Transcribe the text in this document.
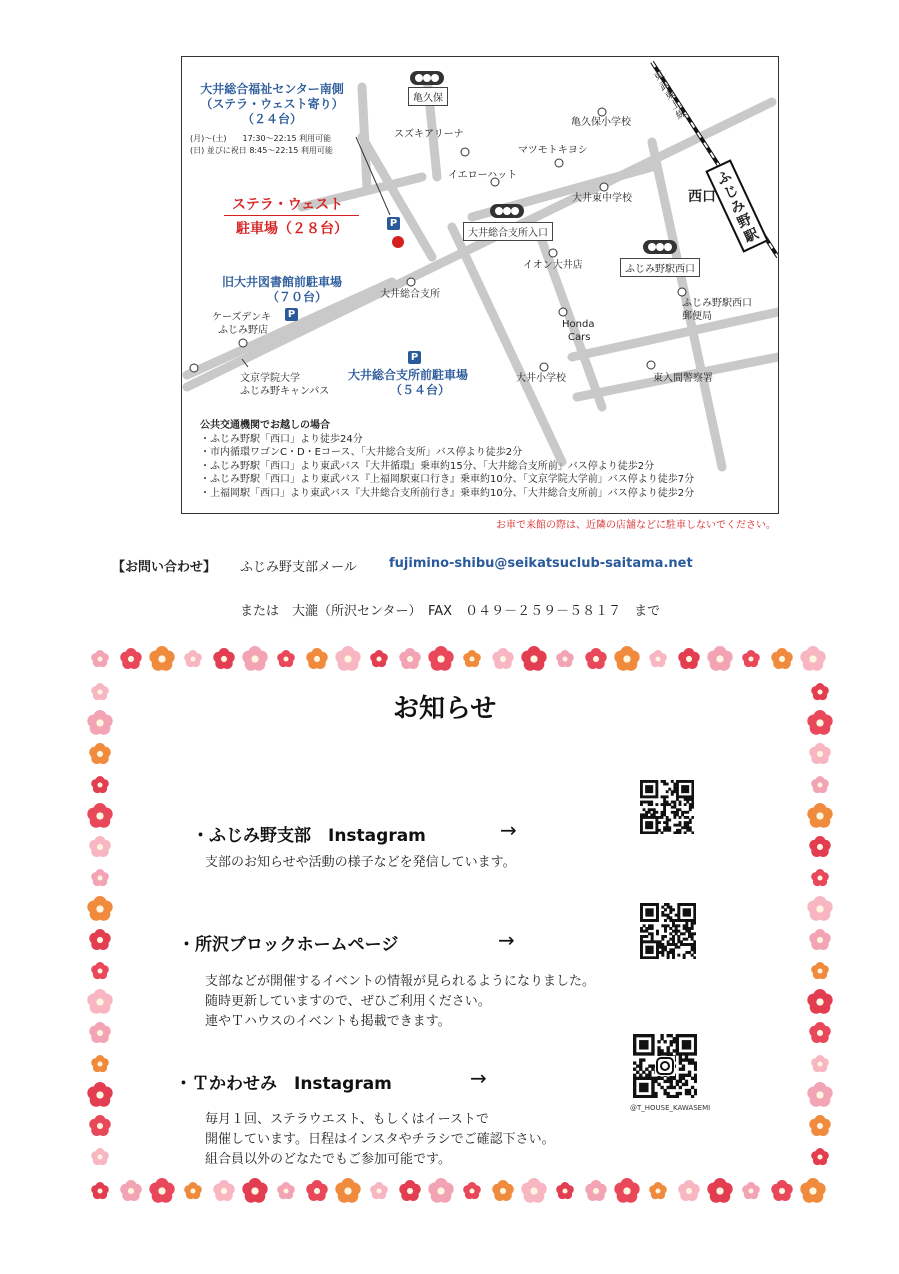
大井総合福祉センター南側
（ステラ・ウェスト寄り）
（２４台）
(月)～(土)　　17:30～22:15 利用可能
(日) 並びに祝日 8:45～22:15 利用可能
ステラ・ウェスト
駐車場（２８台）	P
旧大井図書館前駐車場
（７０台）
P
P
大井総合支所前駐車場
（５４台）
亀久保
大井総合支所入口
ふじみ野駅西口
スズキアリーナ
亀久保小学校
マツモトキヨシ
イエローハット
大井東中学校
イオン大井店
大井総合支所
ケーズデンキ
ふじみ野店
Honda
Cars
大井小学校
文京学院大学
ふじみ野キャンパス
ふじみ野駅西口
郵便局
東入間警察署
西口
ふじみ野駅
東武東上線
公共交通機関でお越しの場合
・ふじみ野駅「西口」より徒歩24分
・市内循環ワゴンC・D・Eコース、「大井総合支所」バス停より徒歩2分
・ふじみ野駅「西口」より東武バス『大井循環』乗車約15分、「大井総合支所前」バス停より徒歩2分
・ふじみ野駅「西口」より東武バス『上福岡駅東口行き』乗車約10分、「文京学院大学前」バス停より徒歩7分
・上福岡駅「西口」より東武バス『大井総合支所前行き』乗車約10分、「大井総合支所前」バス停より徒歩2分
お車で来館の際は、近隣の店舗などに駐車しないでください。
【お問い合わせ】 ふじみ野支部メール fujimino-shibu@seikatsuclub-saitama.net
または　大瀧（所沢センター）　FAX　０４９－２５９－５８１７　まで
お知らせ
・ふじみ野支部　Instagram	→
支部のお知らせや活動の様子などを発信しています。
・所沢ブロックホームページ	→
支部などが開催するイベントの情報が見られるようになりました。
随時更新していますので、ぜひご利用ください。
連やＴハウスのイベントも掲載できます。
・Ｔかわせみ　Instagram	→
毎月１回、ステラウエスト、もしくはイーストで
開催しています。日程はインスタやチラシでご確認下さい。
組合員以外のどなたでもご参加可能です。
@T_HOUSE_KAWASEMI
